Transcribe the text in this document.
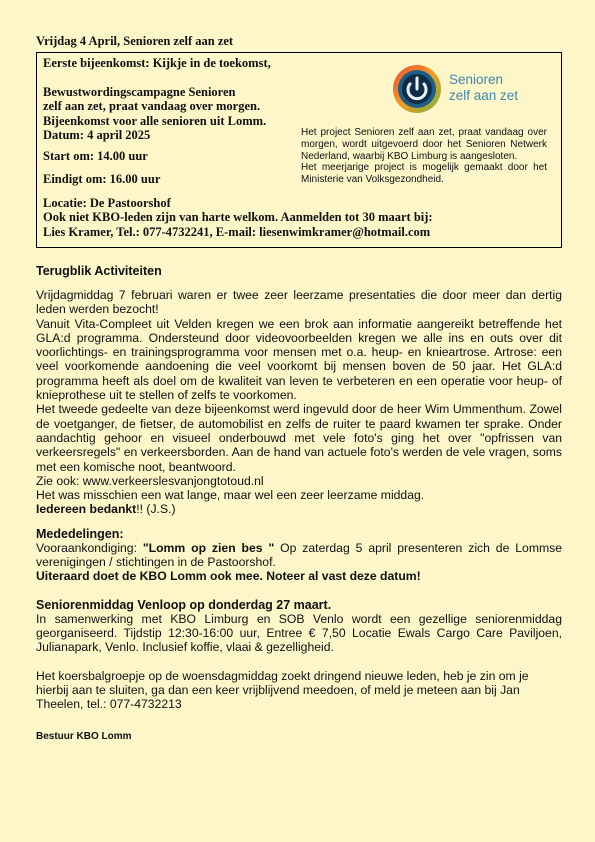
Vrijdag 4 April, Senioren zelf aan zet
Eerste bijeenkomst: Kijkje in de toekomst,
Bewustwordingscampagne Senioren
zelf aan zet, praat vandaag over morgen.
Bijeenkomst voor alle senioren uit Lomm.
Datum: 4 april 2025
Start om: 14.00 uur
Eindigt om: 16.00 uur
Locatie: De Pastoorshof
Ook niet KBO-leden zijn van harte welkom. Aanmelden tot 30 maart bij:
Lies Kramer, Tel.: 077-4732241, E-mail: liesenwimkramer@hotmail.com
Senioren
zelf aan zet
Het project Senioren zelf aan zet, praat vandaag over morgen, wordt uitgevoerd door het Senioren Netwerk Nederland, waarbij KBO Limburg is aangesloten.
Het meerjarige project is mogelijk gemaakt door het Ministerie van Volksgezondheid.
Terugblik Activiteiten

Vrijdagmiddag 7 februari waren er twee zeer leerzame presentaties die door meer dan dertig leden werden bezocht!

Vanuit Vita-Compleet uit Velden kregen we een brok aan informatie aangereikt betreffende het GLA:d programma. Ondersteund door videovoorbeelden kregen we alle ins en outs over dit voorlichtings- en trainingsprogramma voor mensen met o.a. heup- en knieartrose. Artrose: een veel voorkomende aandoening die veel voorkomt bij mensen boven de 50 jaar. Het GLA:d programma heeft als doel om de kwaliteit van leven te verbeteren en een operatie voor heup- of knieprothese uit te stellen of zelfs te voorkomen.

Het tweede gedeelte van deze bijeenkomst werd ingevuld door de heer Wim Ummenthum. Zowel de voetganger, de fietser, de automobilist en zelfs de ruiter te paard kwamen ter sprake. Onder aandachtig gehoor en visueel onderbouwd met vele foto's ging het over "opfrissen van verkeersregels" en verkeersborden. Aan de hand van actuele foto's werden de vele vragen, soms met een komische noot, beantwoord.

Zie ook: www.verkeerslesvanjongtotoud.nl

Het was misschien een wat lange, maar wel een zeer leerzame middag.

Iedereen bedankt!! (J.S.)

Mededelingen:

Vooraankondiging: "Lomm op zien bes " Op zaterdag 5 april presenteren zich de Lommse verenigingen / stichtingen in de Pastoorshof.

Uiteraard doet de KBO Lomm ook mee. Noteer al vast deze datum!

Seniorenmiddag Venloop op donderdag 27 maart.

In samenwerking met KBO Limburg en SOB Venlo wordt een gezellige seniorenmiddag georganiseerd. Tijdstip 12:30-16:00 uur, Entree € 7,50 Locatie Ewals Cargo Care Paviljoen, Julianapark, Venlo. Inclusief koffie, vlaai & gezelligheid.

Het koersbalgroepje op de woensdagmiddag zoekt dringend nieuwe leden, heb je zin om je hierbij aan te sluiten, ga dan een keer vrijblijvend meedoen, of meld je meteen aan bij Jan Theelen, tel.: 077-4732213

Bestuur KBO Lomm
